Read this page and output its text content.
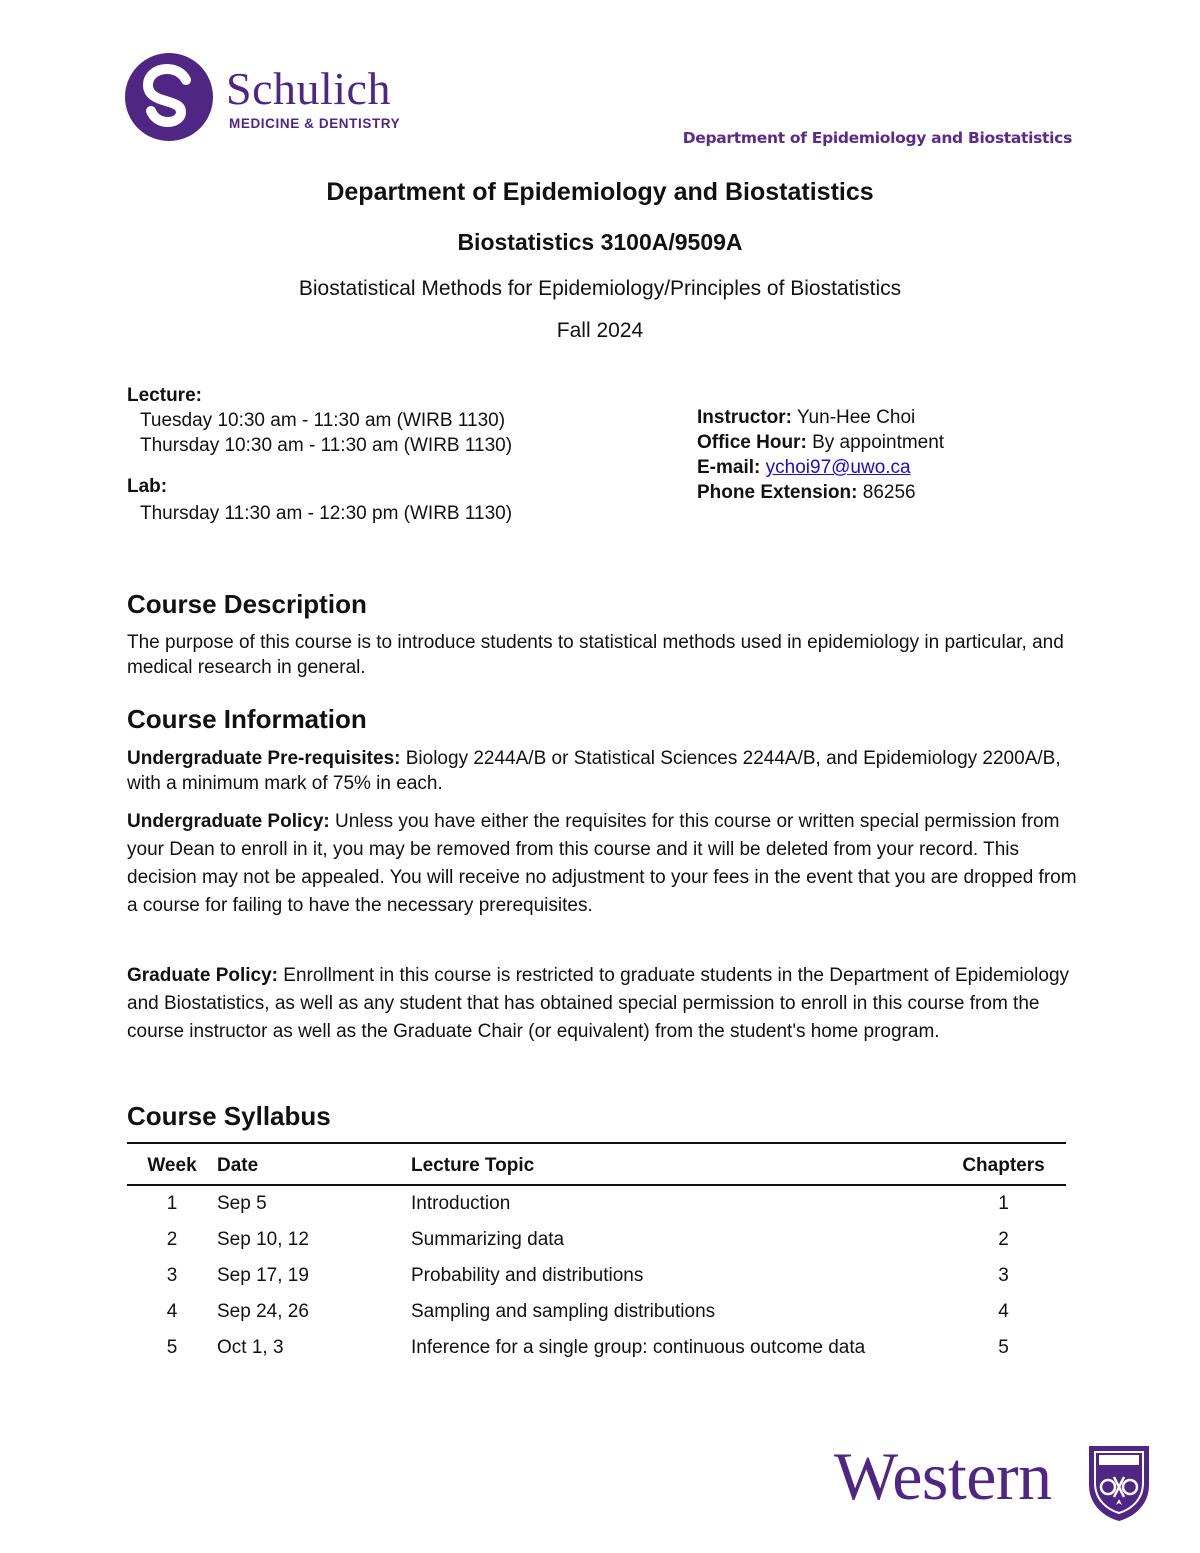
Schulich
MEDICINE & DENTISTRY
Department of Epidemiology and Biostatistics
Department of Epidemiology and Biostatistics
Biostatistics 3100A/9509A
Biostatistical Methods for Epidemiology/Principles of Biostatistics
Fall 2024
Lecture:
Tuesday 10:30 am - 11:30 am (WIRB 1130)
Thursday 10:30 am - 11:30 am (WIRB 1130)
Lab:
Thursday 11:30 am - 12:30 pm (WIRB 1130)
Instructor: Yun-Hee Choi
Office Hour: By appointment
E-mail: ychoi97@uwo.ca
Phone Extension: 86256
Course Description
The purpose of this course is to introduce students to statistical methods used in epidemiology in particular, and medical research in general.
Course Information
Undergraduate Pre-requisites: Biology 2244A/B or Statistical Sciences 2244A/B, and Epidemiology 2200A/B, with a minimum mark of 75% in each.
Undergraduate Policy: Unless you have either the requisites for this course or written special permission from your Dean to enroll in it, you may be removed from this course and it will be deleted from your record. This decision may not be appealed. You will receive no adjustment to your fees in the event that you are dropped from a course for failing to have the necessary prerequisites.
Graduate Policy: Enrollment in this course is restricted to graduate students in the Department of Epidemiology and Biostatistics, as well as any student that has obtained special permission to enroll in this course from the course instructor as well as the Graduate Chair (or equivalent) from the student's home program.
Course Syllabus
Week	Date	Lecture Topic	Chapters
1	Sep 5	Introduction	1
2	Sep 10, 12	Summarizing data	2
3	Sep 17, 19	Probability and distributions	3
4	Sep 24, 26	Sampling and sampling distributions	4
5	Oct 1, 3	Inference for a single group: continuous outcome data	5
Western
